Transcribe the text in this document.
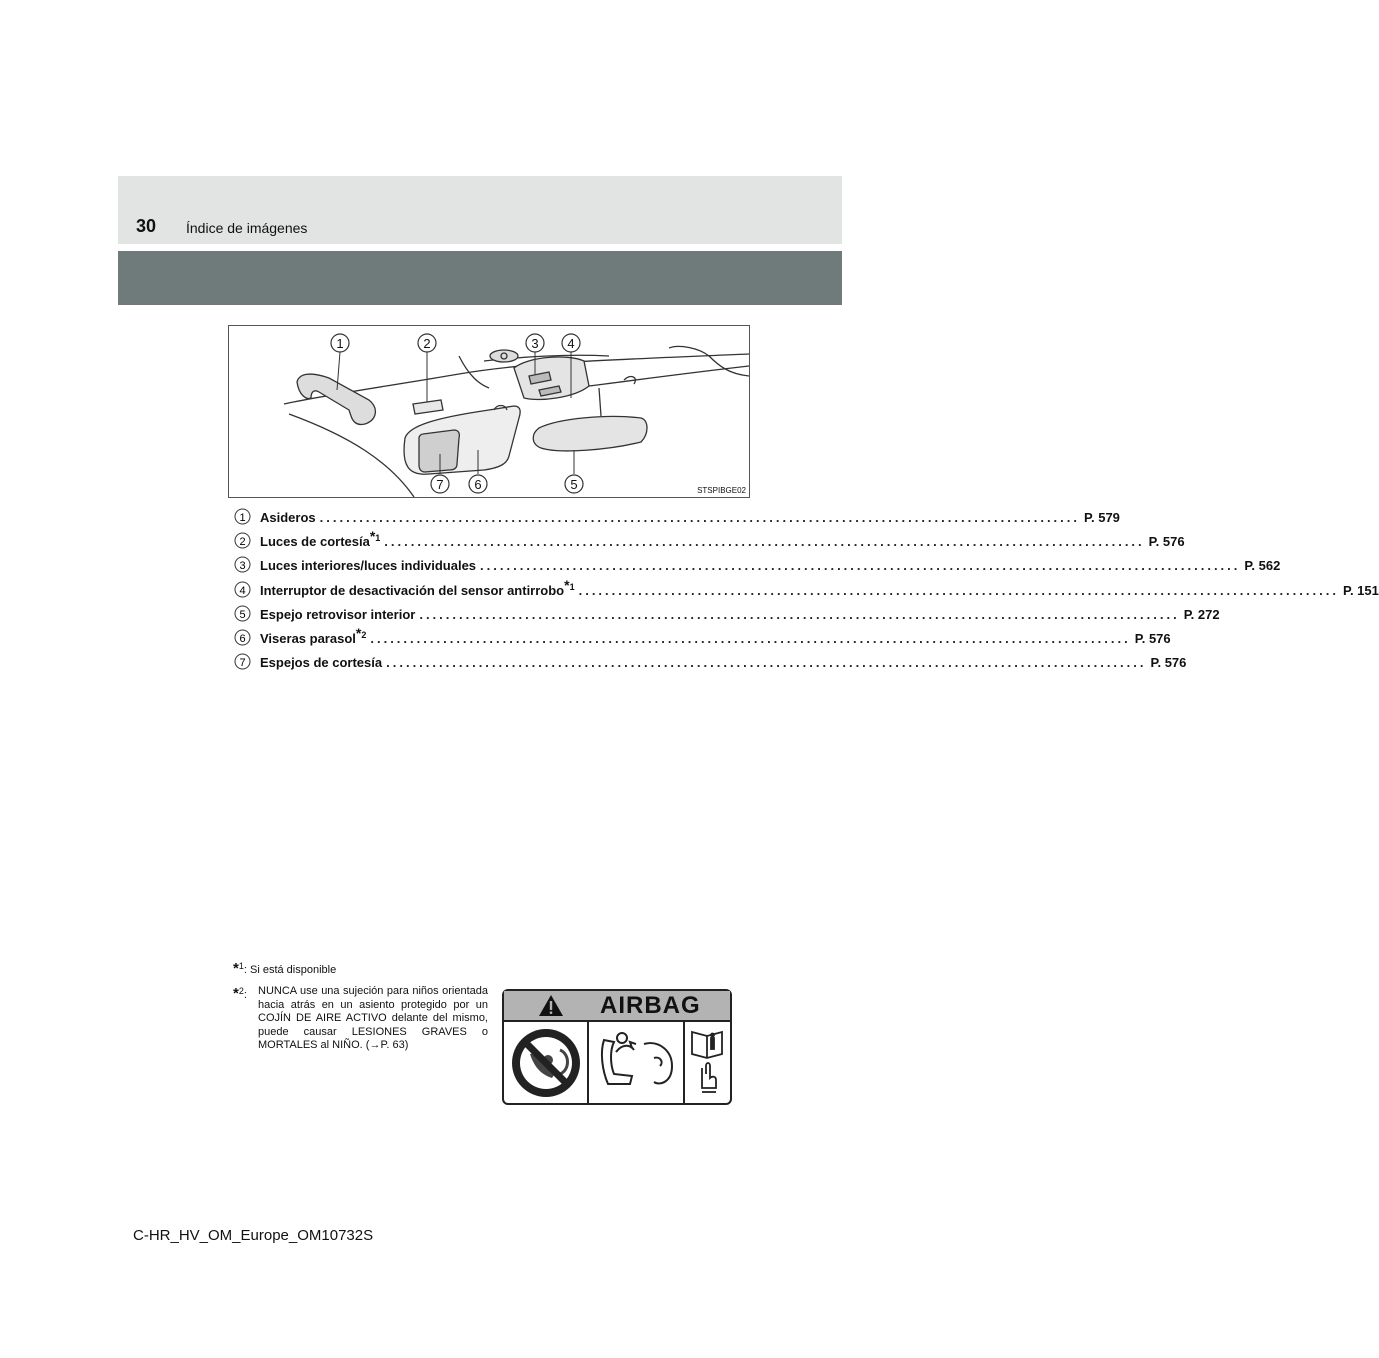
30 Índice de imágenes
1	2	3 4
5
6
7	STSPIBGE02
1 Asideros ................................................................................................................... P. 579
2 Luces de cortesía$^{*1}$ ................................................................................................................... P. 576
3 Luces interiores/luces individuales ................................................................................................................... P. 562
4 Interruptor de desactivación del sensor antirrobo$^{*1}$ ................................................................................................................... P. 151
5 Espejo retrovisor interior ................................................................................................................... P. 272
6 Viseras parasol$^{*2}$ ................................................................................................................... P. 576
7 Espejos de cortesía ................................................................................................................... P. 576
*$^1$: Si está disponible
*$^2$: NUNCA use una sujeción para niños orientada hacia atrás en un asiento protegido por un COJÍN DE AIRE ACTIVO delante del mismo, puede causar LESIONES GRAVES o MORTALES al NIÑO. (→P. 63)
AIRBAG
C-HR_HV_OM_Europe_OM10732S
